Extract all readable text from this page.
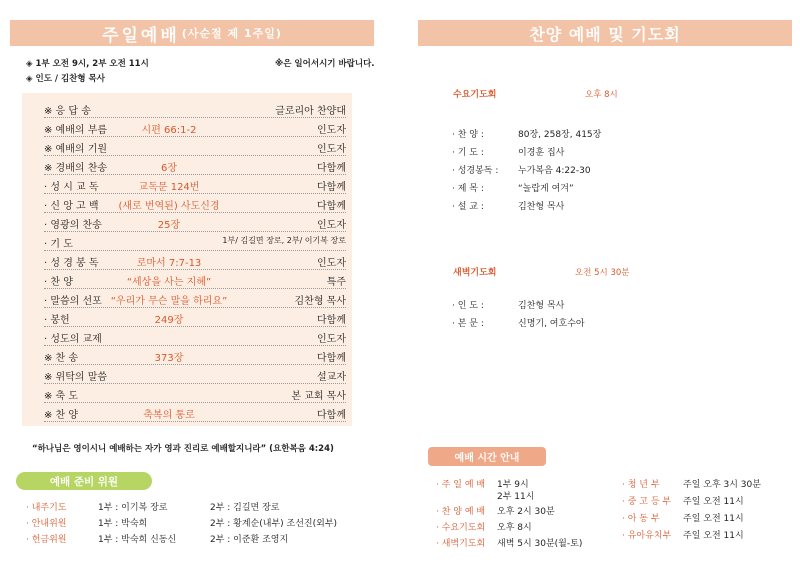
주일예배 (사순절 제 1주일)
◈ 1부 오전 9시, 2부 오전 11시	※은 일어서시기 바랍니다.
◈ 인도 / 김찬형 목사
※ 응 답 송	글로리아 찬양대
※ 예배의 부름	시편 66:1-2	인도자
※ 예배의 기원	인도자
※ 경배의 찬송	6장	다함께
· 성 시 교 독	교독문 124번	다함께
· 신 앙 고 백	(새로 번역된) 사도신경	다함께
· 영광의 찬송	25장	인도자
· 기 도	1부/ 김길면 장로, 2부/ 이기복 장로
· 성 경 봉 독	로마서 7:7-13	인도자
· 찬 양	“세상을 사는 지혜”	특주
· 말씀의 선포 “우리가 무슨 말을 하리요”	김찬형 목사
· 봉헌	249장	다함께
· 성도의 교제	인도자
※ 찬 송	373장	다함께
※ 위탁의 말씀	설교자
※ 축 도	본 교회 목사
※ 찬 양	축복의 통로	다함께
“하나님은 영이시니 예배하는 자가 영과 진리로 예배할지니라” (요한복음 4:24)
예배 준비 위원
· 내주기도	1부 : 이기복 장로	2부 : 김길면 장로
· 안내위원	1부 : 박숙희	2부 : 황계순(내부) 조선진(외부)
· 헌금위원	1부 : 박숙희 신동신	2부 : 이준환 조영지
찬양 예배 및 기도회
수요기도회	오후 8시
· 찬 양 :	80장, 258장, 415장
· 기 도 :	이경훈 집사
· 성경봉독 : 누가복음 4:22-30
· 제 목 :	“놀랍게 여겨”
· 설 교 :	김찬형 목사
새벽기도회	오전 5시 30분
· 인 도 :	김찬형 목사
· 본 문 :	신명기, 여호수아
예배 시간 안내
· 주 일 예 배 1부 9시
2부 11시
· 찬 양 예 배 오후 2시 30분
· 수요기도회 오후 8시
· 새벽기도회 새벽 5시 30분(월-토)
· 청 년 부	주일 오후 3시 30분
· 중 고 등 부 주일 오전 11시
· 아 동 부	주일 오전 11시
· 유아유치부 주일 오전 11시
